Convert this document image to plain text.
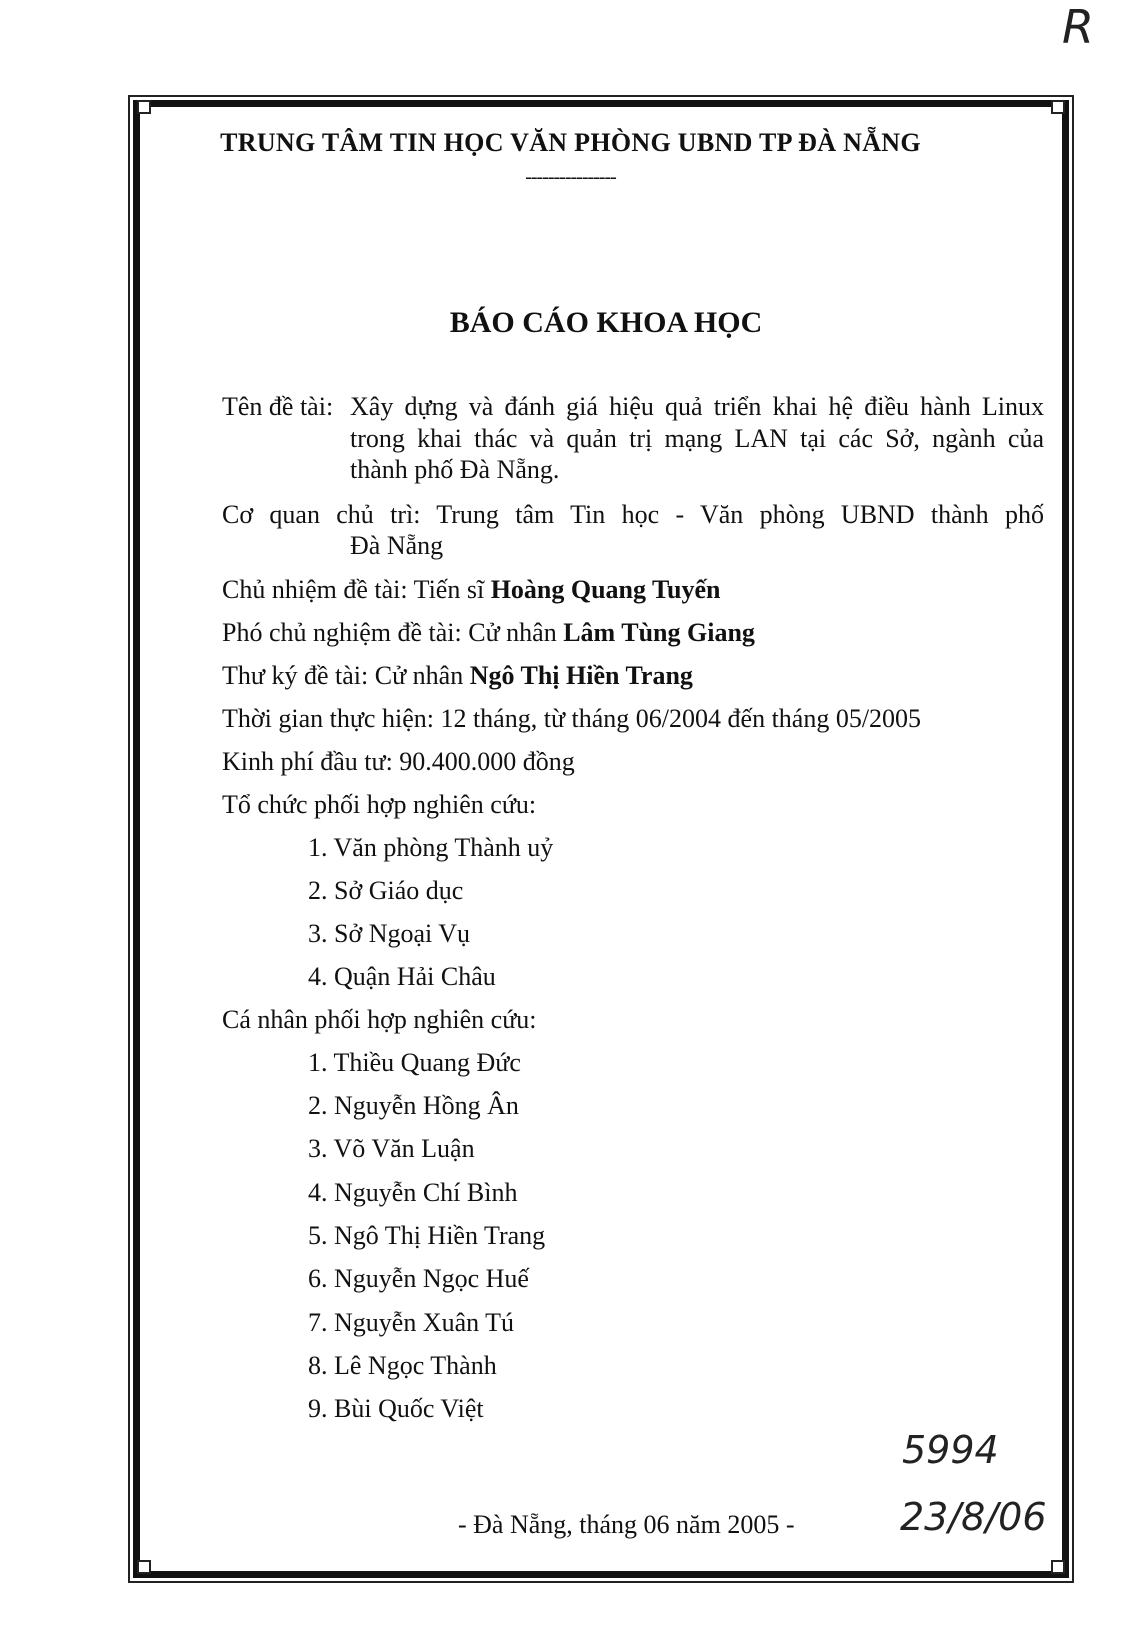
R
5994
23/8/06
TRUNG TÂM TIN HỌC VĂN PHÒNG UBND TP ĐÀ NẴNG
----------------
BÁO CÁO KHOA HỌC
Tên đề tài: Xây dựng và đánh giá hiệu quả triển khai hệ điều hành Linux
trong khai thác và quản trị mạng LAN tại các Sở, ngành của
thành phố Đà Nẵng.
Cơ quan chủ trì: Trung tâm Tin học - Văn phòng UBND thành phố
Đà Nẵng
Chủ nhiệm đề tài: Tiến sĩ Hoàng Quang Tuyến
Phó chủ nghiệm đề tài: Cử nhân Lâm Tùng Giang
Thư ký đề tài: Cử nhân Ngô Thị Hiền Trang
Thời gian thực hiện: 12 tháng, từ tháng 06/2004 đến tháng 05/2005
Kinh phí đầu tư: 90.400.000 đồng
Tổ chức phối hợp nghiên cứu:
1. Văn phòng Thành uỷ
2. Sở Giáo dục
3. Sở Ngoại Vụ
4. Quận Hải Châu
Cá nhân phối hợp nghiên cứu:
1. Thiều Quang Đức
2. Nguyễn Hồng Ân
3. Võ Văn Luận
4. Nguyễn Chí Bình
5. Ngô Thị Hiền Trang
6. Nguyễn Ngọc Huế
7. Nguyễn Xuân Tú
8. Lê Ngọc Thành
9. Bùi Quốc Việt
- Đà Nẵng, tháng 06 năm 2005 -
